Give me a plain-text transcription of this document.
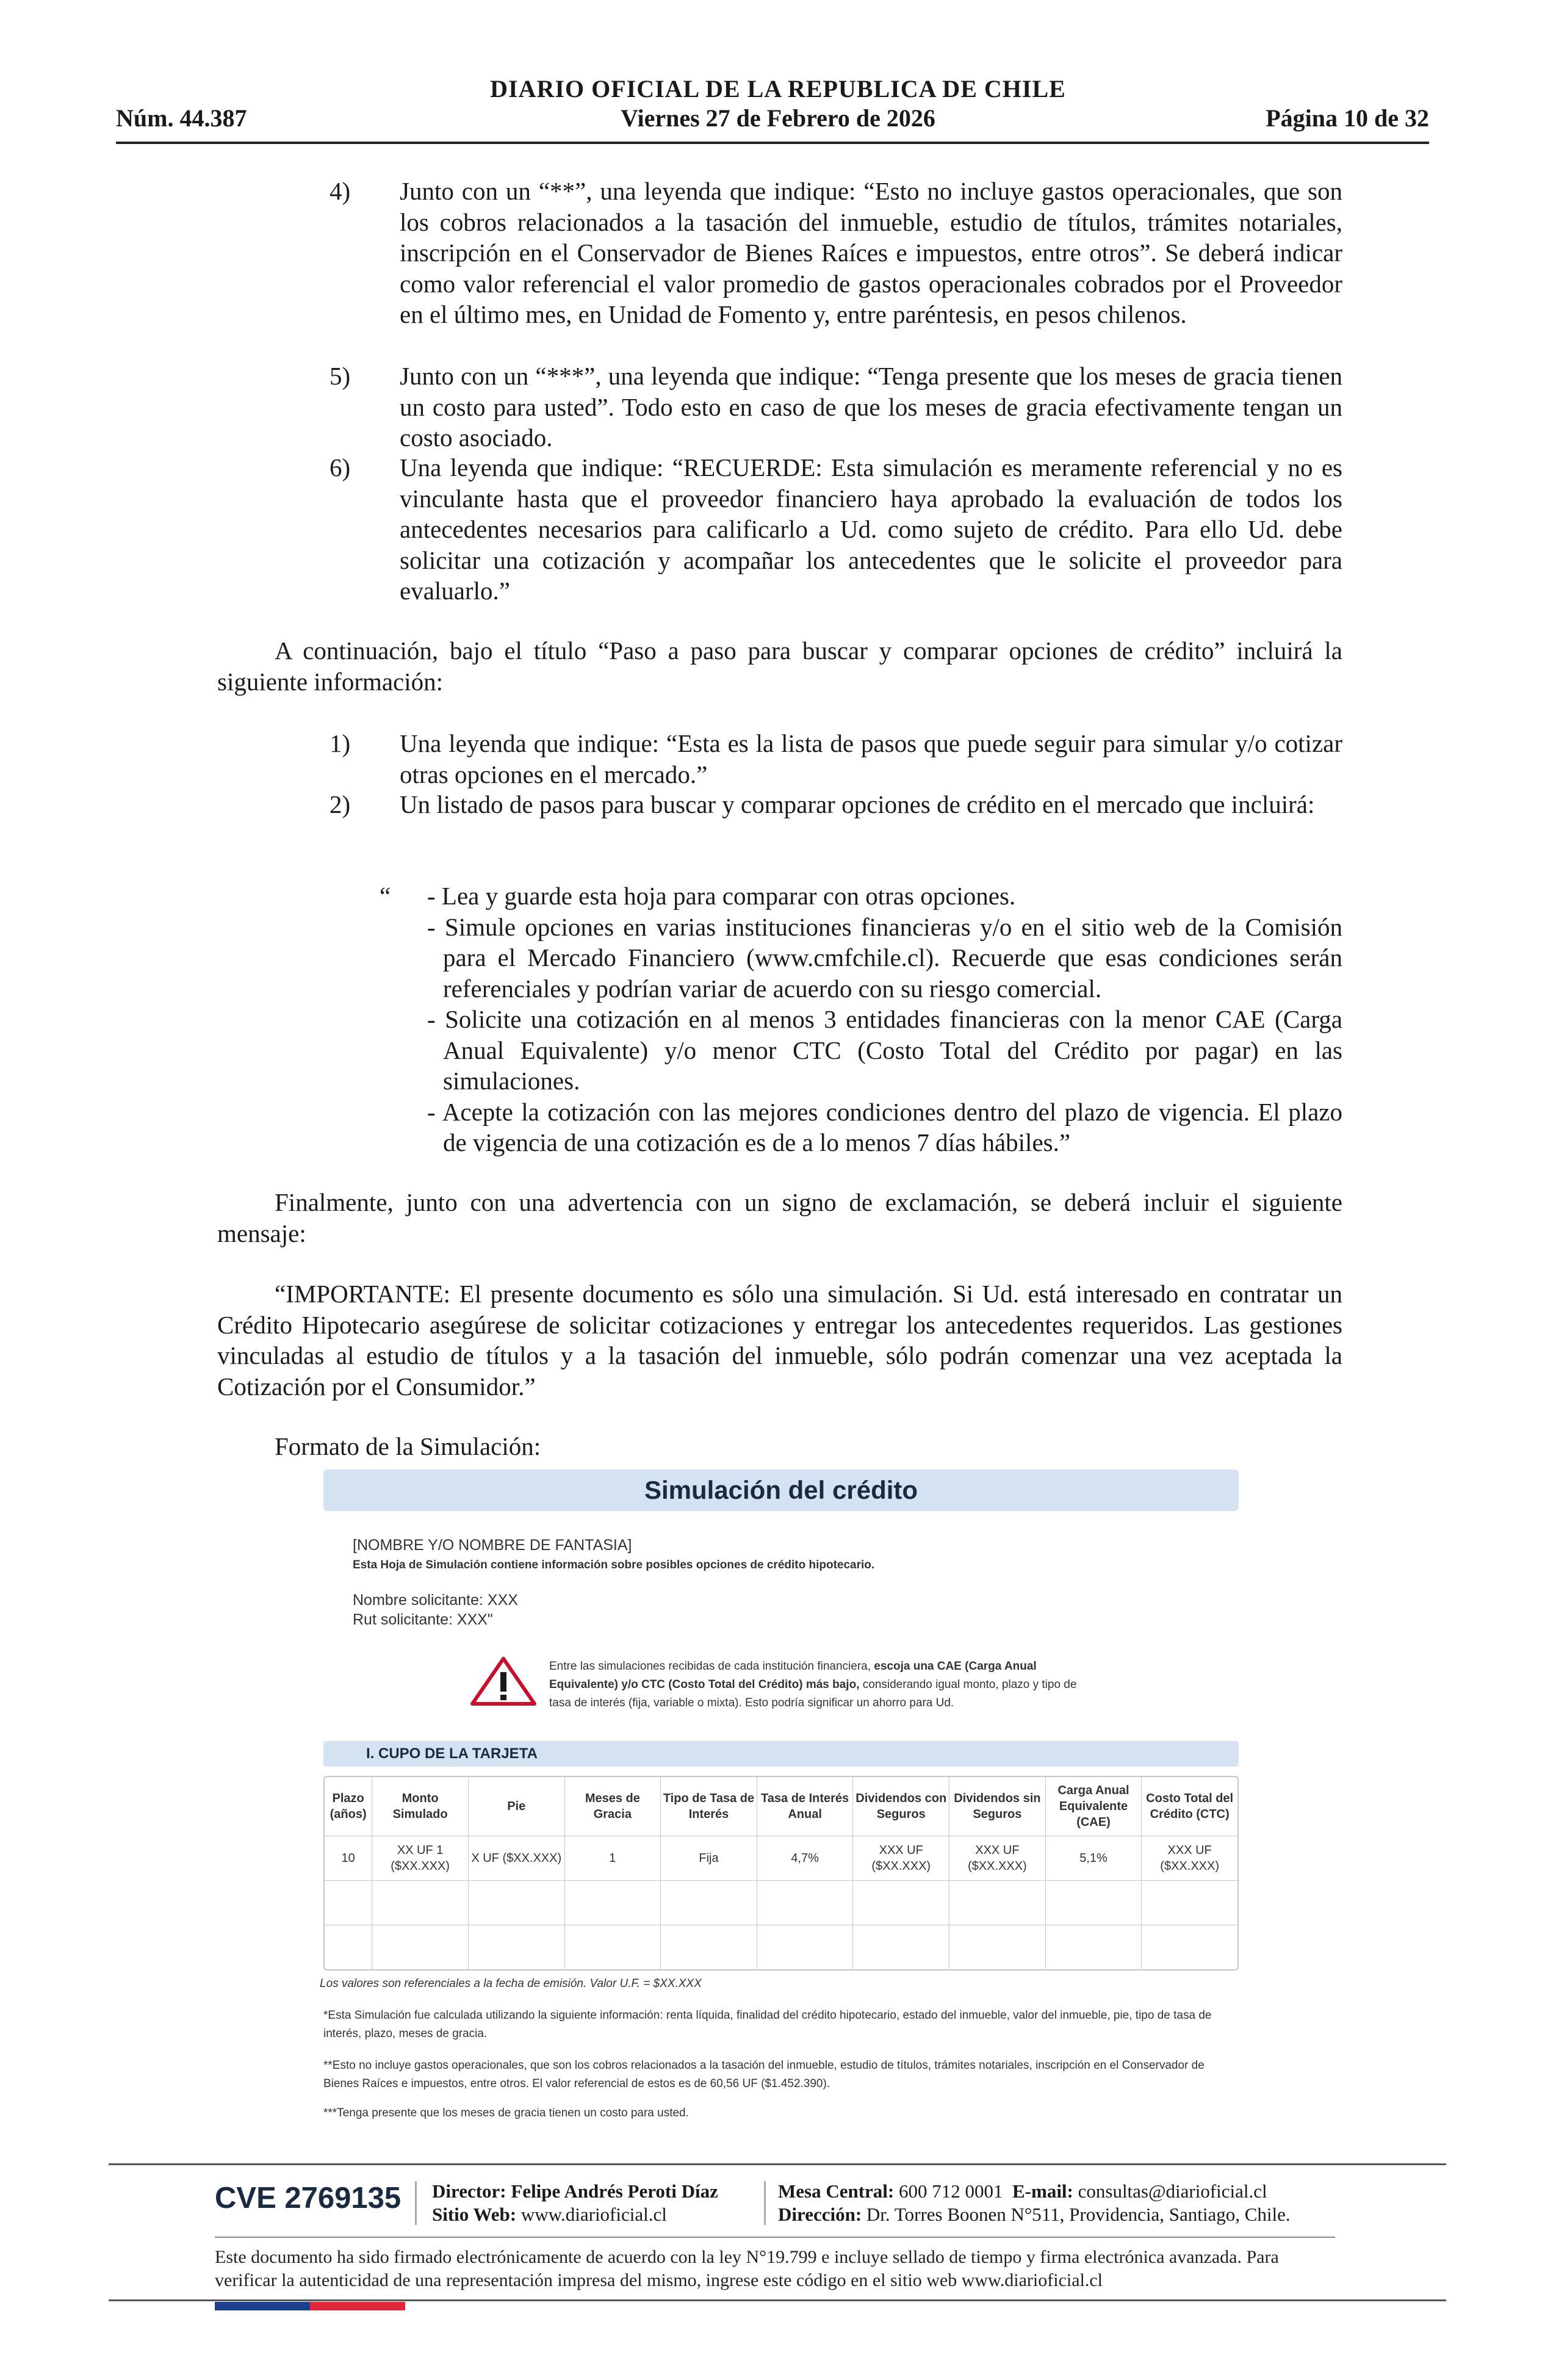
DIARIO OFICIAL DE LA REPUBLICA DE CHILE
Núm. 44.387	Viernes 27 de Febrero de 2026	Página 10 de 32
4) Junto con un “**”, una leyenda que indique: “Esto no incluye gastos operacionales, que son los cobros relacionados a la tasación del inmueble, estudio de títulos, trámites notariales, inscripción en el Conservador de Bienes Raíces e impuestos, entre otros”. Se deberá indicar como valor referencial el valor promedio de gastos operacionales cobrados por el Proveedor en el último mes, en Unidad de Fomento y, entre paréntesis, en pesos chilenos.
5) Junto con un “***”, una leyenda que indique: “Tenga presente que los meses de gracia tienen un costo para usted”. Todo esto en caso de que los meses de gracia efectivamente tengan un costo asociado.
6) Una leyenda que indique: “RECUERDE: Esta simulación es meramente referencial y no es vinculante hasta que el proveedor financiero haya aprobado la evaluación de todos los antecedentes necesarios para calificarlo a Ud. como sujeto de crédito. Para ello Ud. debe solicitar una cotización y acompañar los antecedentes que le solicite el proveedor para evaluarlo.”
A continuación, bajo el título “Paso a paso para buscar y comparar opciones de crédito” incluirá la siguiente información:
1) Una leyenda que indique: “Esta es la lista de pasos que puede seguir para simular y/o cotizar otras opciones en el mercado.”
2) Un listado de pasos para buscar y comparar opciones de crédito en el mercado que incluirá:
“ - Lea y guarde esta hoja para comparar con otras opciones.
- Simule opciones en varias instituciones financieras y/o en el sitio web de la Comisión para el Mercado Financiero (www.cmfchile.cl). Recuerde que esas condiciones serán referenciales y podrían variar de acuerdo con su riesgo comercial.
- Solicite una cotización en al menos 3 entidades financieras con la menor CAE (Carga Anual Equivalente) y/o menor CTC (Costo Total del Crédito por pagar) en las simulaciones.
- Acepte la cotización con las mejores condiciones dentro del plazo de vigencia. El plazo de vigencia de una cotización es de a lo menos 7 días hábiles.”
Finalmente, junto con una advertencia con un signo de exclamación, se deberá incluir el siguiente mensaje:
“IMPORTANTE: El presente documento es sólo una simulación. Si Ud. está interesado en contratar un Crédito Hipotecario asegúrese de solicitar cotizaciones y entregar los antecedentes requeridos. Las gestiones vinculadas al estudio de títulos y a la tasación del inmueble, sólo podrán comenzar una vez aceptada la Cotización por el Consumidor.”
Formato de la Simulación:
Simulación del crédito
[NOMBRE Y/O NOMBRE DE FANTASIA]
Esta Hoja de Simulación contiene información sobre posibles opciones de crédito hipotecario.
Nombre solicitante: XXX
Rut solicitante: XXX"
Entre las simulaciones recibidas de cada institución financiera, escoja una CAE (Carga Anual Equivalente) y/o CTC (Costo Total del Crédito) más bajo, considerando igual monto, plazo y tipo de tasa de interés (fija, variable o mixta). Esto podría significar un ahorro para Ud.
I. CUPO DE LA TARJETA
Plazo (años)	Monto Simulado	Pie	Meses de Gracia	Tipo de Tasa de Interés	Tasa de Interés Anual	Dividendos con Seguros	Dividendos sin Seguros	Carga Anual Equivalente (CAE)	Costo Total del Crédito (CTC)
10	XX UF 1 ($XX.XXX)	X UF ($XX.XXX)	1	Fija	4,7%	XXX UF ($XX.XXX)	XXX UF ($XX.XXX)	5,1%	XXX UF ($XX.XXX)

Los valores son referenciales a la fecha de emisión. Valor U.F. = $XX.XXX
*Esta Simulación fue calculada utilizando la siguiente información: renta líquida, finalidad del crédito hipotecario, estado del inmueble, valor del inmueble, pie, tipo de tasa de interés, plazo, meses de gracia.
**Esto no incluye gastos operacionales, que son los cobros relacionados a la tasación del inmueble, estudio de títulos, trámites notariales, inscripción en el Conservador de Bienes Raíces e impuestos, entre otros. El valor referencial de estos es de 60,56 UF ($1.452.390).
***Tenga presente que los meses de gracia tienen un costo para usted.
CVE 2769135 Director: Felipe Andrés Peroti Díaz
Sitio Web: www.diarioficial.cl
Mesa Central: 600 712 0001 E-mail: consultas@diarioficial.cl
Dirección: Dr. Torres Boonen N°511, Providencia, Santiago, Chile.
Este documento ha sido firmado electrónicamente de acuerdo con la ley N°19.799 e incluye sellado de tiempo y firma electrónica avanzada. Para verificar la autenticidad de una representación impresa del mismo, ingrese este código en el sitio web www.diarioficial.cl
